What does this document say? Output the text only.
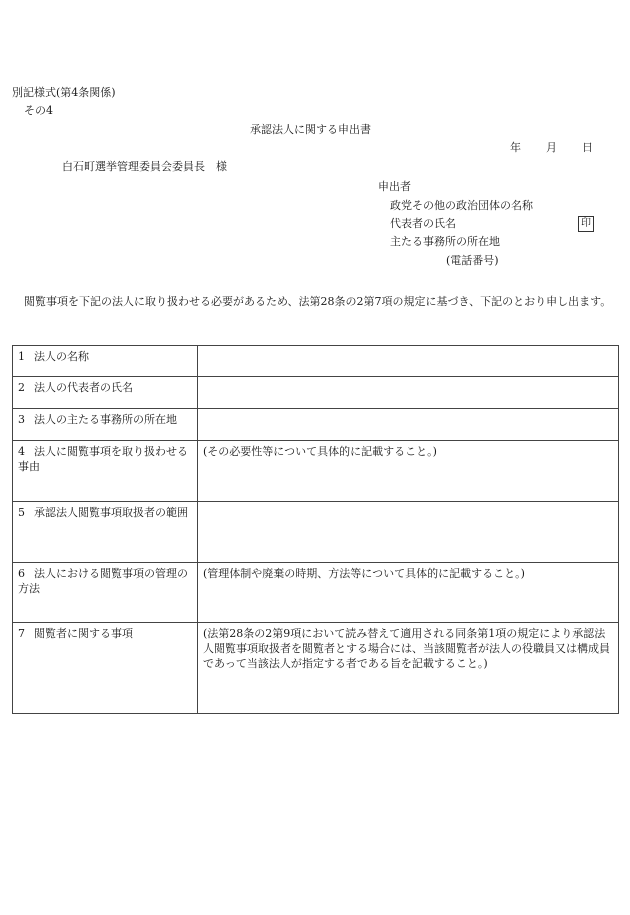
別記様式(第4条関係)
その4
承認法人に関する申出書
年 月 日
白石町選挙管理委員会委員長　様
申出者
政党その他の政治団体の名称
代表者の氏名	印
主たる事務所の所在地
(電話番号)
閲覧事項を下記の法人に取り扱わせる必要があるため、法第28条の2第7項の規定に基づき、下記のとおり申し出ます。
1 法人の名称	
2 法人の代表者の氏名	
3 法人の主たる事務所の所在地	
4 法人に閲覧事項を取り扱わせる事由	(その必要性等について具体的に記載すること。)
5 承認法人閲覧事項取扱者の範囲	
6 法人における閲覧事項の管理の方法	(管理体制や廃棄の時期、方法等について具体的に記載すること。)
7 閲覧者に関する事項	(法第28条の2第9項において読み替えて適用される同条第1項の規定により承認法人閲覧事項取扱者を閲覧者とする場合には、当該閲覧者が法人の役職員又は構成員であって当該法人が指定する者である旨を記載すること。)
